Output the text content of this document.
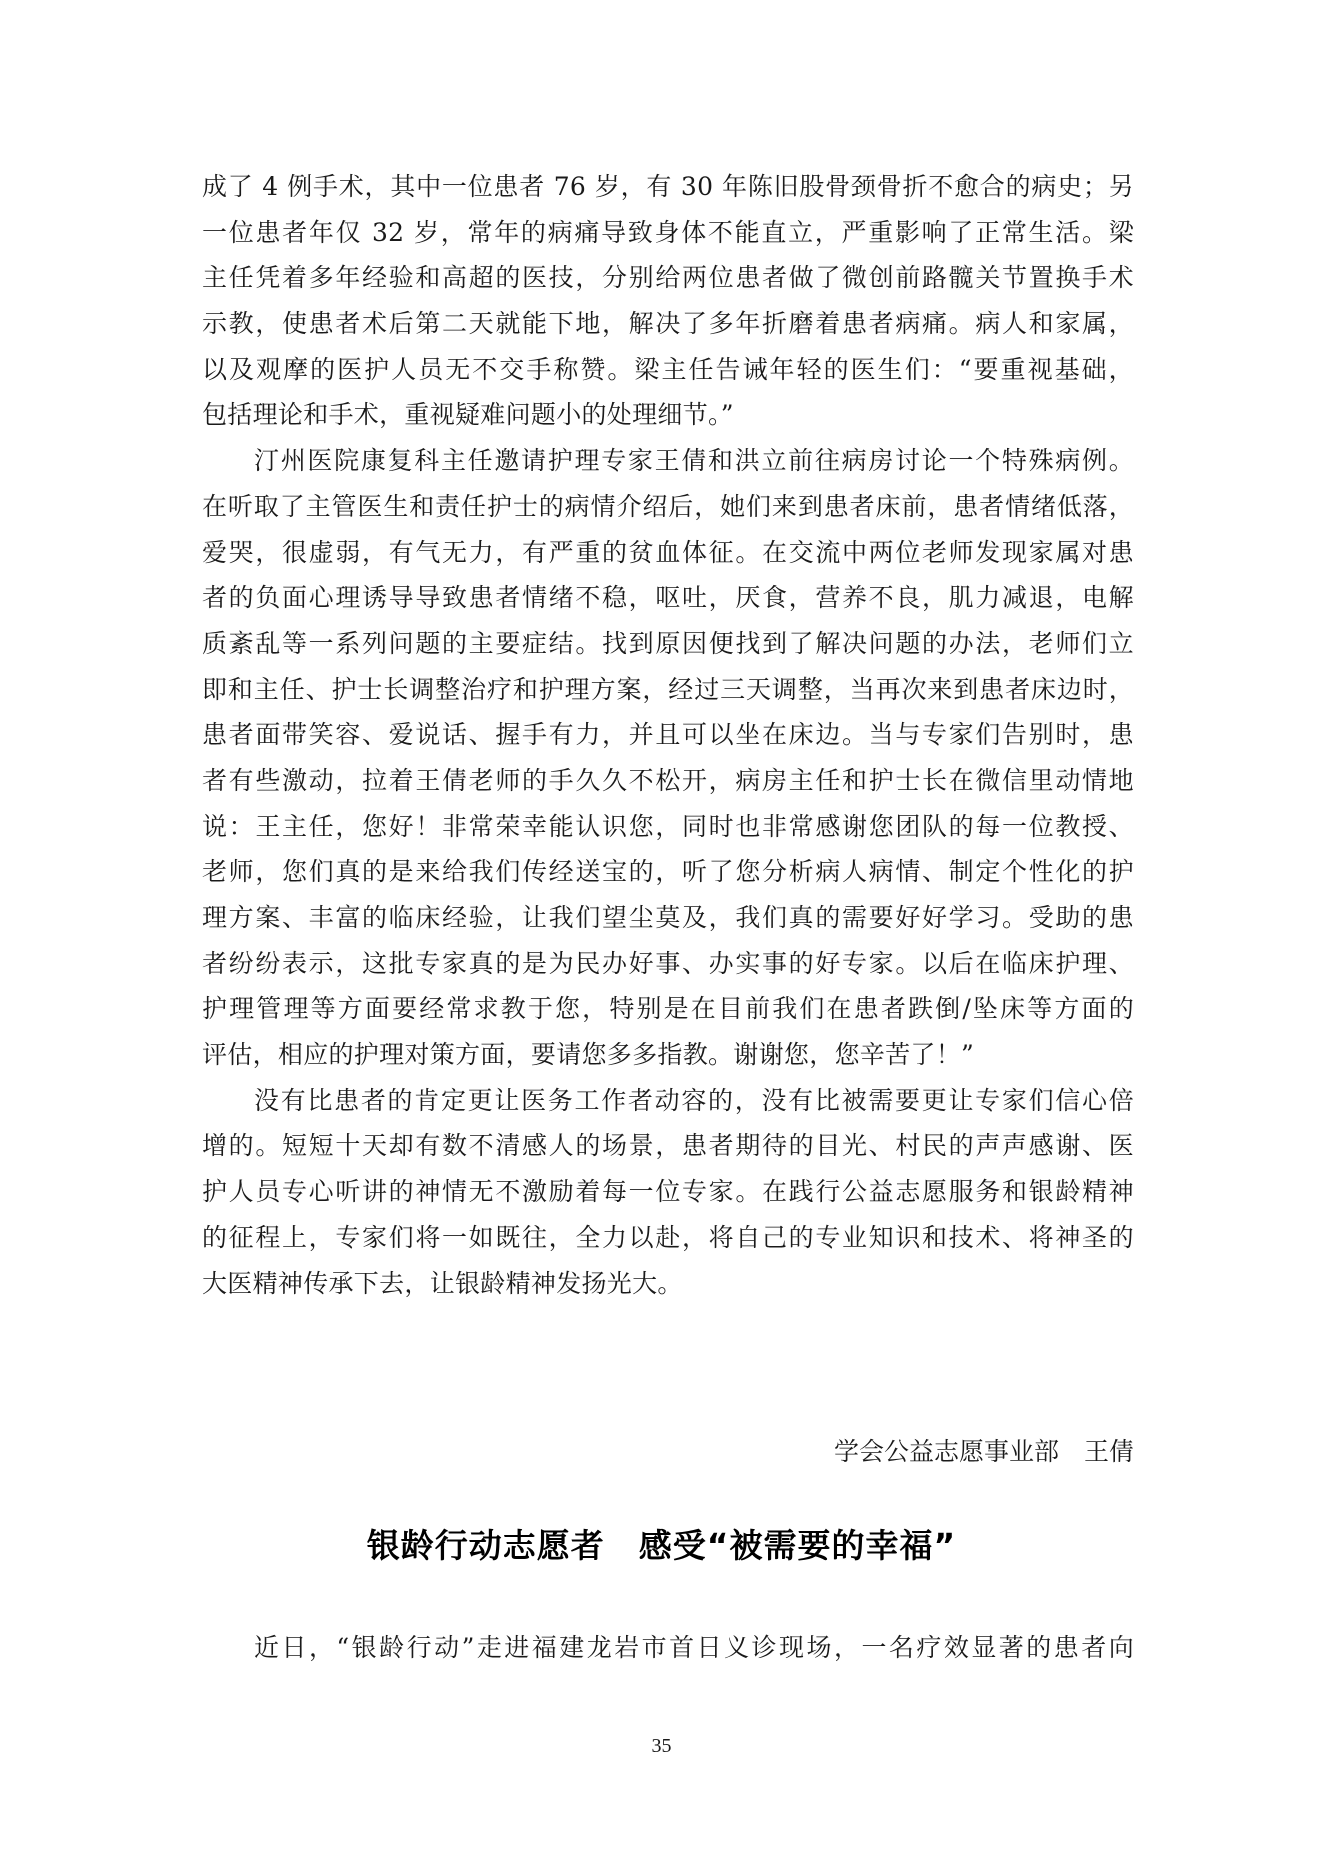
成了 4 例手术，其中一位患者 76 岁，有 30 年陈旧股骨颈骨折不愈合的病史；另
一位患者年仅 32 岁，常年的病痛导致身体不能直立，严重影响了正常生活。梁
主任凭着多年经验和高超的医技，分别给两位患者做了微创前路髋关节置换手术
示教，使患者术后第二天就能下地，解决了多年折磨着患者病痛。病人和家属，
以及观摩的医护人员无不交手称赞。梁主任告诫年轻的医生们：“要重视基础，
包括理论和手术，重视疑难问题小的处理细节。”
汀州医院康复科主任邀请护理专家王倩和洪立前往病房讨论一个特殊病例。
在听取了主管医生和责任护士的病情介绍后，她们来到患者床前，患者情绪低落，
爱哭，很虚弱，有气无力，有严重的贫血体征。在交流中两位老师发现家属对患
者的负面心理诱导导致患者情绪不稳，呕吐，厌食，营养不良，肌力减退，电解
质紊乱等一系列问题的主要症结。找到原因便找到了解决问题的办法，老师们立
即和主任、护士长调整治疗和护理方案，经过三天调整，当再次来到患者床边时，
患者面带笑容、爱说话、握手有力，并且可以坐在床边。当与专家们告别时，患
者有些激动，拉着王倩老师的手久久不松开，病房主任和护士长在微信里动情地
说：王主任，您好！非常荣幸能认识您，同时也非常感谢您团队的每一位教授、
老师，您们真的是来给我们传经送宝的，听了您分析病人病情、制定个性化的护
理方案、丰富的临床经验，让我们望尘莫及，我们真的需要好好学习。受助的患
者纷纷表示，这批专家真的是为民办好事、办实事的好专家。以后在临床护理、
护理管理等方面要经常求教于您，特别是在目前我们在患者跌倒/坠床等方面的
评估，相应的护理对策方面，要请您多多指教。谢谢您，您辛苦了！”
没有比患者的肯定更让医务工作者动容的，没有比被需要更让专家们信心倍
增的。短短十天却有数不清感人的场景，患者期待的目光、村民的声声感谢、医
护人员专心听讲的神情无不激励着每一位专家。在践行公益志愿服务和银龄精神
的征程上，专家们将一如既往，全力以赴，将自己的专业知识和技术、将神圣的
大医精神传承下去，让银龄精神发扬光大。
学会公益志愿事业部　王倩
银龄行动志愿者　感受“被需要的幸福”
近日，“银龄行动”走进福建龙岩市首日义诊现场，一名疗效显著的患者向
35
